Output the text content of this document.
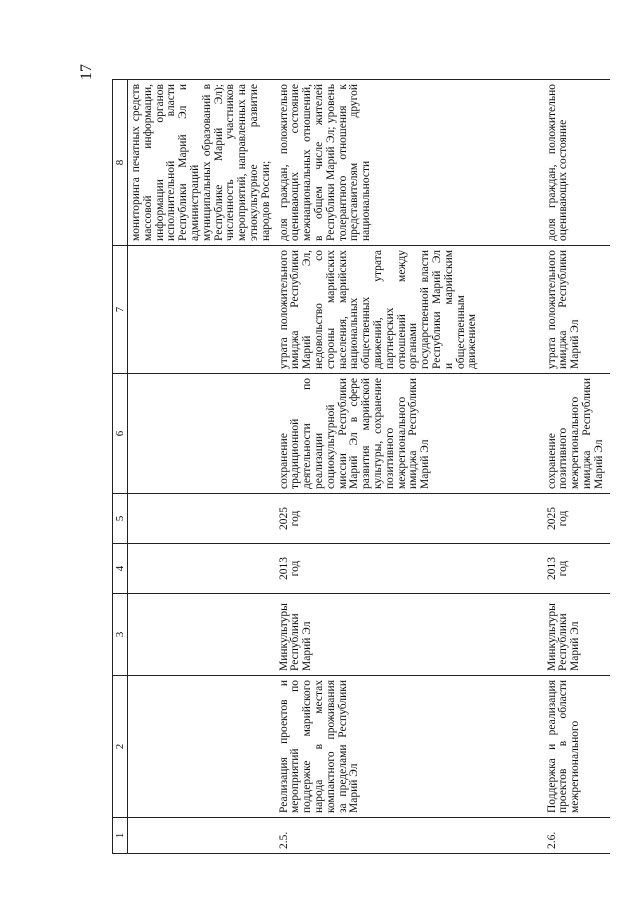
17
1	2	3	4	5	6	7	8
							мониторинга печатных средств массовой информации, информации органов исполнительной власти Республики Марий Эл и администраций муниципальных образований в Республике Марий Эл); численность участников мероприятий, направленных на этнокультурное развитие народов России;
2.5.	Реализация проектов и мероприятий по поддержке марийского народа в местах компактного проживания за пределами Республики Марий Эл	Минкультуры Республики Марий Эл	2013 год	2025 год	сохранение традиционной деятельности по реализации социокультурной миссии Республики Марий Эл в сфере развития марийской культуры, сохранение позитивного межрегионального имиджа Республики Марий Эл	утрата положительного имиджа Республики Марий Эл, недовольство со стороны марийских населения, марийских национальных общественных движений, утрата партнерских отношений между органами государственной власти Республики Марий Эл и марийским общественным движением	доля граждан, положительно оценивающих состояние межнациональных отношений, в общем числе жителей Республики Марий Эл; уровень толерантного отношения к представителям другой национальности
2.6.	Поддержка и реализация проектов в области межрегионального	Минкультуры Республики Марий Эл	2013 год	2025 год	сохранение позитивного межрегионального имиджа Республики Марий Эл	утрата положительного имиджа Республики Марий Эл	доля граждан, положительно оценивающих состояние
